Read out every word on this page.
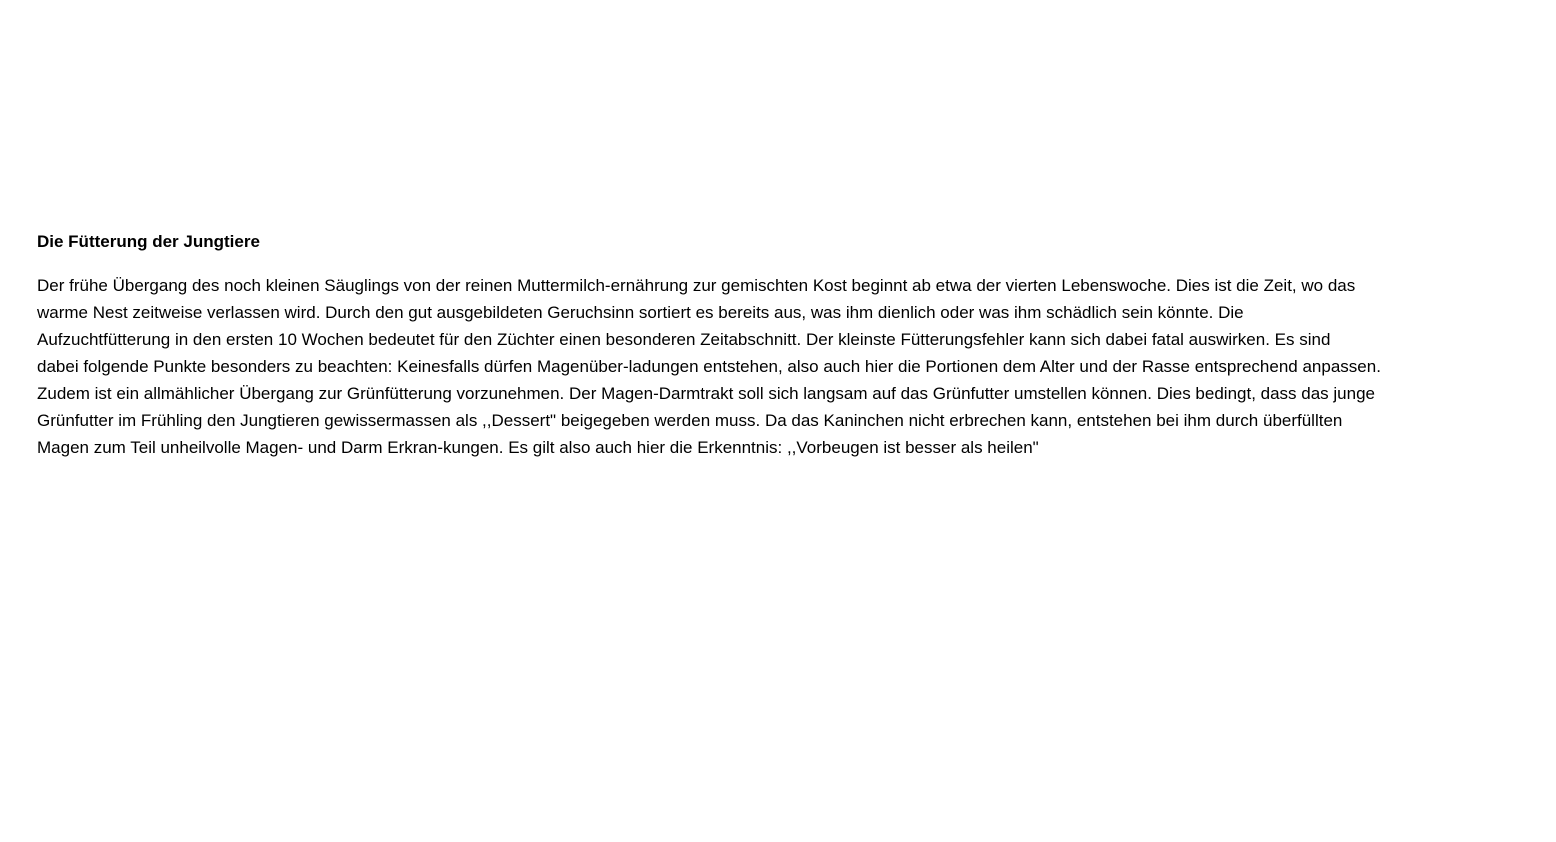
Die Fütterung der Jungtiere

Der frühe Übergang des noch kleinen Säuglings von der reinen Muttermilch-ernährung zur gemischten Kost beginnt ab etwa der vierten Lebenswoche. Dies ist die Zeit, wo das
warme Nest zeitweise verlassen wird. Durch den gut ausgebildeten Geruchsinn sortiert es bereits aus, was ihm dienlich oder was ihm schädlich sein könnte. Die
Aufzuchtfütterung in den ersten 10 Wochen bedeutet für den Züchter einen besonderen Zeitabschnitt. Der kleinste Fütterungsfehler kann sich dabei fatal auswirken. Es sind
dabei folgende Punkte besonders zu beachten: Keinesfalls dürfen Magenüber-ladungen entstehen, also auch hier die Portionen dem Alter und der Rasse entsprechend anpassen.
Zudem ist ein allmählicher Übergang zur Grünfütterung vorzunehmen. Der Magen-Darmtrakt soll sich langsam auf das Grünfutter umstellen können. Dies bedingt, dass das junge
Grünfutter im Frühling den Jungtieren gewissermassen als ,,Dessert" beigegeben werden muss. Da das Kaninchen nicht erbrechen kann, entstehen bei ihm durch überfüllten
Magen zum Teil unheilvolle Magen- und Darm Erkran-kungen. Es gilt also auch hier die Erkenntnis: ,,Vorbeugen ist besser als heilen"
